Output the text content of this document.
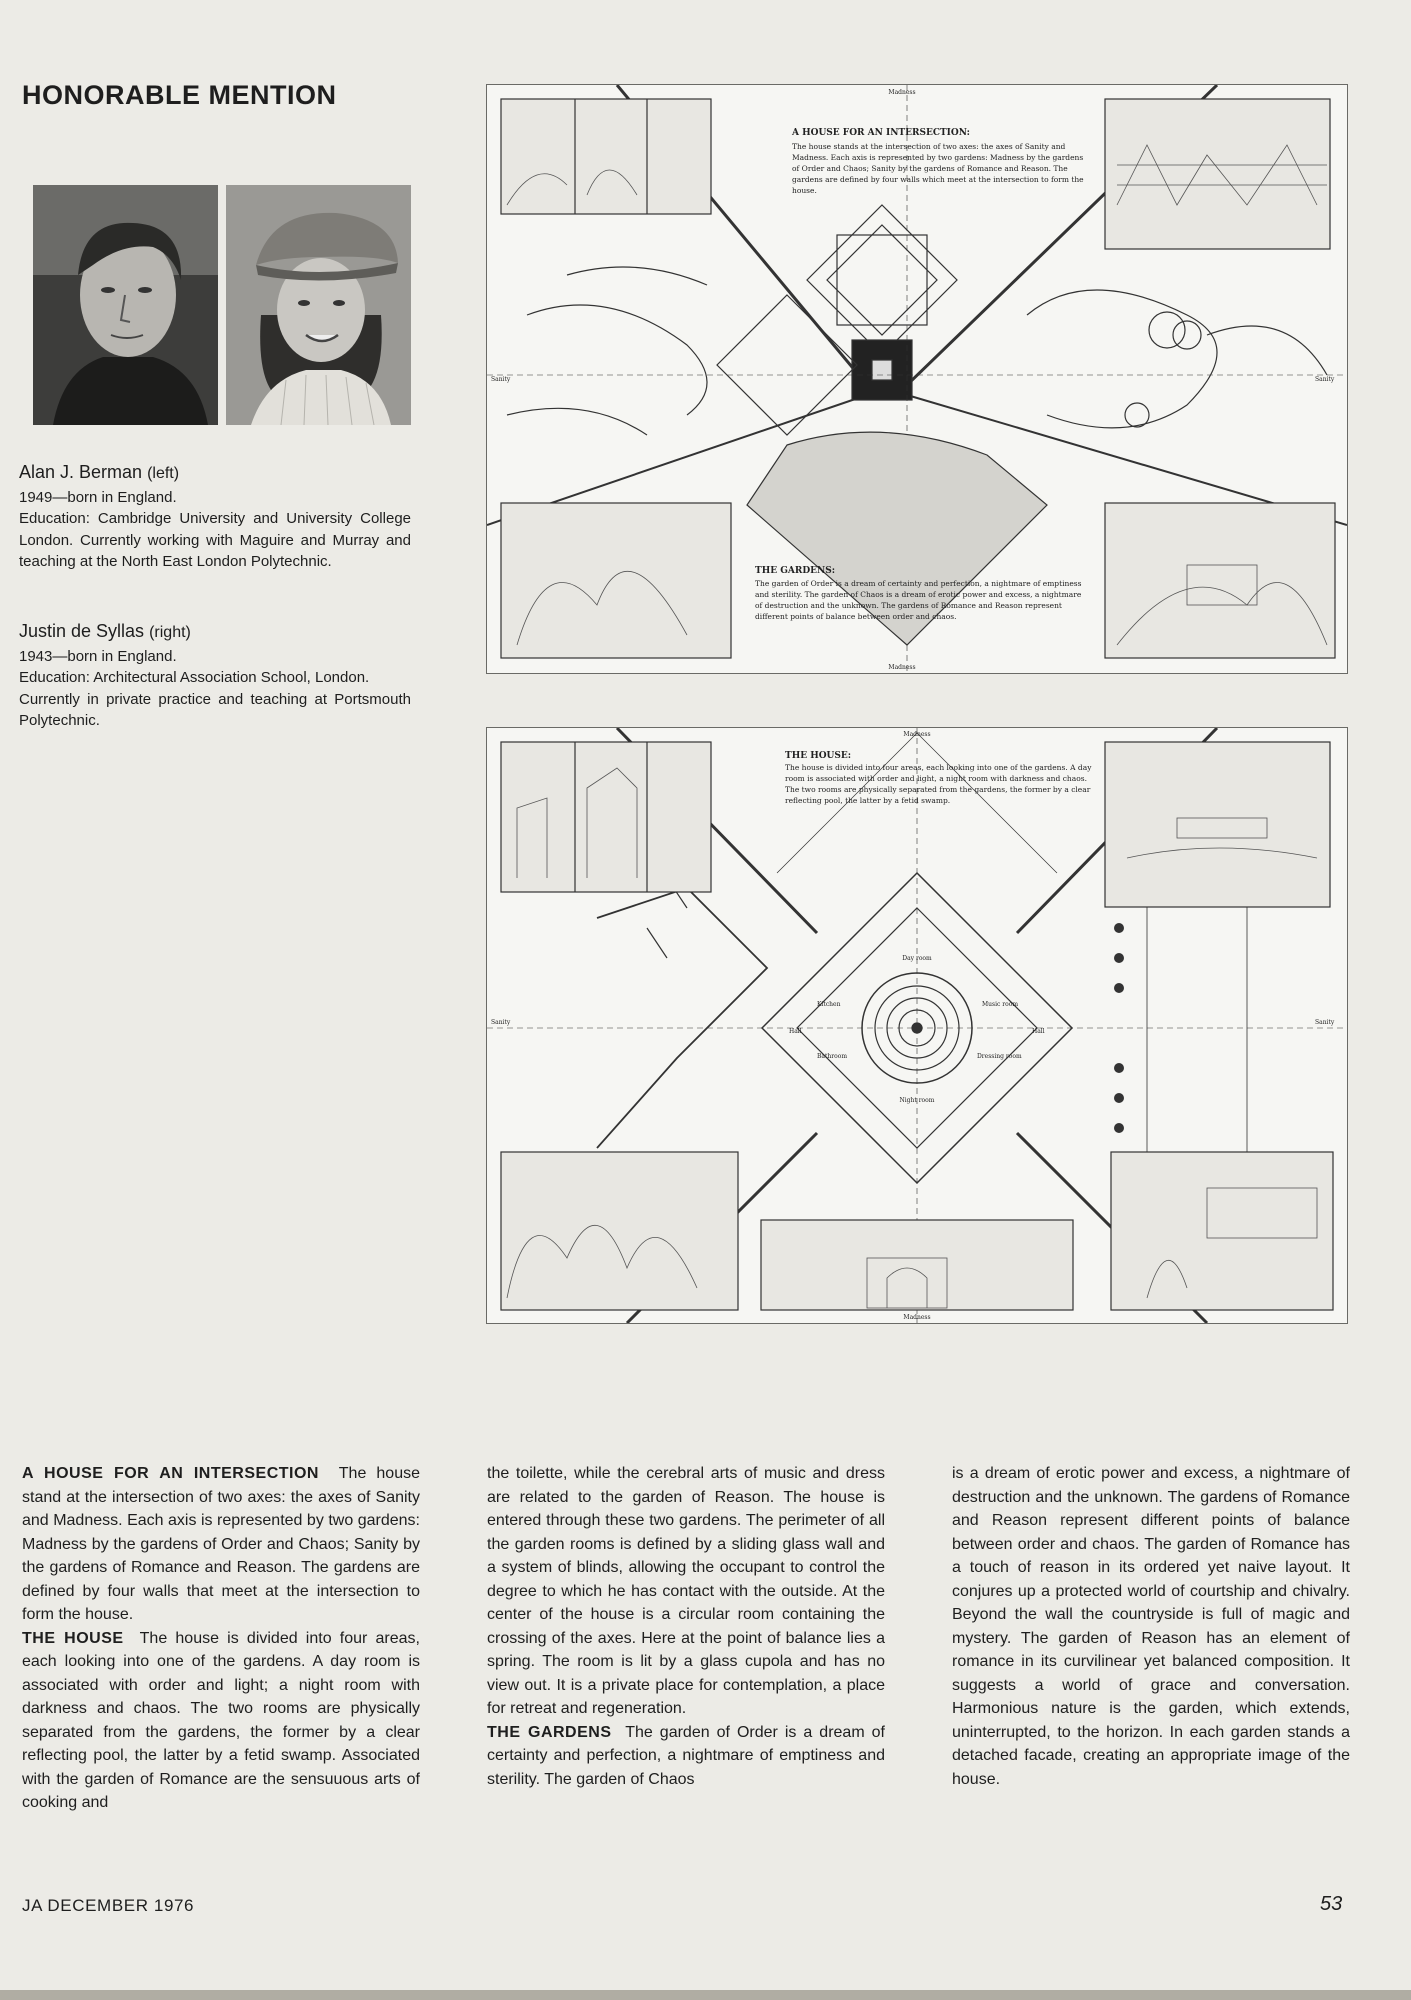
HONORABLE MENTION
Alan J. Berman (left)

1949—born in England.

Education: Cambridge University and University College London. Currently working with Maguire and Murray and teaching at the North East London Polytechnic.

Justin de Syllas (right)

1943—born in England.

Education: Architectural Association School, London.

Currently in private practice and teaching at Portsmouth Polytechnic.

A HOUSE FOR AN INTERSECTION:
The house stands at the intersection of two axes: the axes of Sanity and Madness. Each axis is represented by two gardens: Madness by the gardens of Order and Chaos; Sanity by the gardens of Romance and Reason. The gardens are defined by four walls which meet at the intersection to form the house.
THE GARDENS:
The garden of Order is a dream of certainty and perfection, a nightmare of emptiness and sterility. The garden of Chaos is a dream of erotic power and excess, a nightmare of destruction and the unknown. The gardens of Romance and Reason represent different points of balance between order and chaos.
Madness
Madness
Sanity	Sanity
THE HOUSE:
The house is divided into four areas, each looking into one of the gardens. A day room is associated with order and light, a night room with darkness and chaos. The two rooms are physically separated from the gardens, the former by a clear reflecting pool, the latter by a fetid swamp.
Madness
Madness
Sanity	Sanity
Day room
Night room
Kitchen	Music room
Hall	Hall
Bathroom	Dressing room

A HOUSE FOR AN INTERSECTION The house stand at the intersection of two axes: the axes of Sanity and Madness. Each axis is represented by two gardens: Madness by the gardens of Order and Chaos; Sanity by the gardens of Romance and Reason. The gardens are defined by four walls that meet at the intersection to form the house.

THE HOUSE The house is divided into four areas, each looking into one of the gardens. A day room is associated with order and light; a night room with darkness and chaos. The two rooms are physically separated from the gardens, the former by a clear reflecting pool, the latter by a fetid swamp. Associated with the garden of Romance are the sensuuous arts of cooking and

the toilette, while the cerebral arts of music and dress are related to the garden of Reason. The house is entered through these two gardens. The perimeter of all the garden rooms is defined by a sliding glass wall and a system of blinds, allowing the occupant to control the degree to which he has contact with the outside. At the center of the house is a circular room containing the crossing of the axes. Here at the point of balance lies a spring. The room is lit by a glass cupola and has no view out. It is a private place for contemplation, a place for retreat and regeneration.

THE GARDENS The garden of Order is a dream of certainty and perfection, a nightmare of emptiness and sterility. The garden of Chaos

is a dream of erotic power and excess, a nightmare of destruction and the unknown. The gardens of Romance and Reason represent different points of balance between order and chaos. The garden of Romance has a touch of reason in its ordered yet naive layout. It conjures up a protected world of courtship and chivalry. Beyond the wall the countryside is full of magic and mystery. The garden of Reason has an element of romance in its curvilinear yet balanced composition. It suggests a world of grace and conversation. Harmonious nature is the garden, which extends, uninterrupted, to the horizon. In each garden stands a detached facade, creating an appropriate image of the house.

JA DECEMBER 1976	53
